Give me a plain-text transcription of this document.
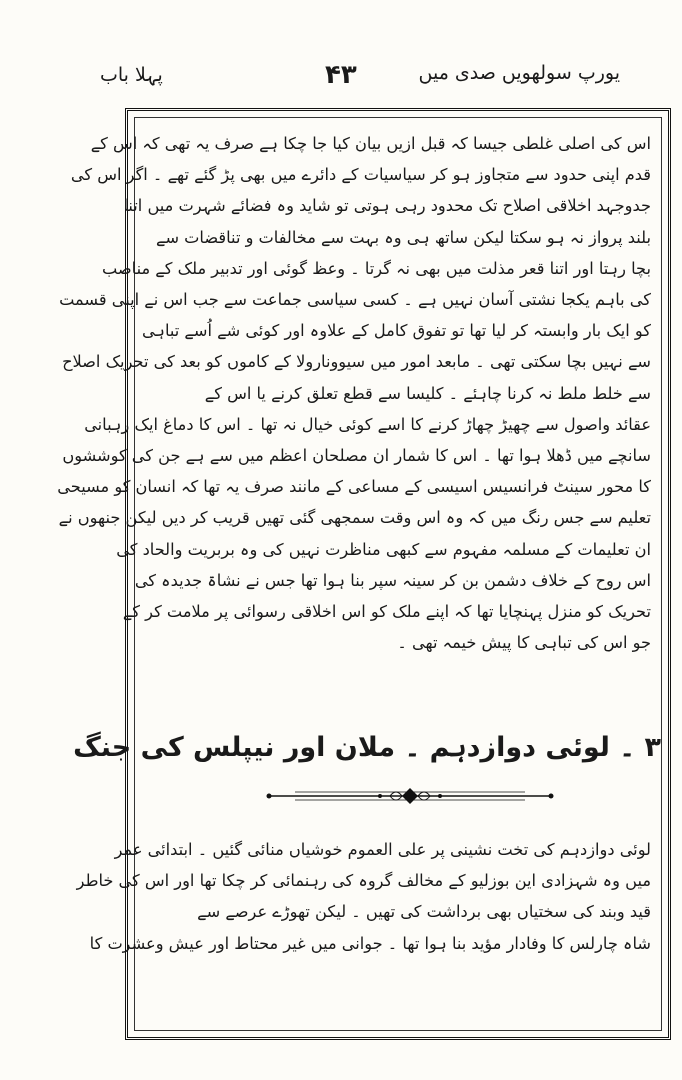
یورپ سولھویں صدی میں
۴۳
پہلا باب
اس کی اصلی غلطی جیسا کہ قبل ازیں بیان کیا جا چکا ہے صرف یہ تھی کہ اس کے
قدم اپنی حدود سے متجاوز ہو کر سیاسیات کے دائرے میں بھی پڑ گئے تھے ۔ اگر اس کی
جدوجہد اخلاقی اصلاح تک محدود رہی ہوتی تو شاید وہ فضائے شہرت میں اتنا
بلند پرواز نہ ہو سکتا لیکن ساتھ ہی وہ بہت سے مخالفات و تناقضات سے
بچا رہتا اور اتنا قعر مذلت میں بھی نہ گرتا ۔ وعظ گوئی اور تدبیر ملک کے مناصب
کی باہم یکجا نشتی آسان نہیں ہے ۔ کسی سیاسی جماعت سے جب اس نے اپنی قسمت
کو ایک بار وابستہ کر لیا تھا تو تفوق کامل کے علاوہ اور کوئی شے اُسے تباہی
سے نہیں بچا سکتی تھی ۔ مابعد امور میں سیوونارولا کے کاموں کو بعد کی تحریک اصلاح
سے خلط ملط نہ کرنا چاہئے ۔ کلیسا سے قطع تعلق کرنے یا اس کے
عقائد واصول سے چھیڑ چھاڑ کرنے کا اسے کوئی خیال نہ تھا ۔ اس کا دماغ ایک رہبانی
سانچے میں ڈھلا ہوا تھا ۔ اس کا شمار ان مصلحان اعظم میں سے ہے جن کی کوششوں
کا محور سینٹ فرانسیس اسیسی کے مساعی کے مانند صرف یہ تھا کہ انسان کو مسیحی
تعلیم سے جس رنگ میں کہ وہ اس وقت سمجھی گئی تھیں قریب کر دیں لیکن جنھوں نے
ان تعلیمات کے مسلمہ مفہوم سے کبھی مناظرت نہیں کی وہ بربریت والحاد کی
اس روح کے خلاف دشمن بن کر سینہ سپر بنا ہوا تھا جس نے نشاۃ جدیدہ کی
تحریک کو منزل پہنچایا تھا کہ اپنے ملک کو اس اخلاقی رسوائی پر ملامت کر کے
جو اس کی تباہی کا پیش خیمہ تھی ۔
۳ ۔ لوئی دوازدہم ۔ ملان اور نیپلس کی جنگ
لوئی دوازدہم کی تخت نشینی پر علی العموم خوشیاں منائی گئیں ۔ ابتدائی عمر
میں وہ شہزادی این بوزلیو کے مخالف گروہ کی رہنمائی کر چکا تھا اور اس کی خاطر
قید وبند کی سختیاں بھی برداشت کی تھیں ۔ لیکن تھوڑے عرصے سے
شاہ چارلس کا وفادار مؤید بنا ہوا تھا ۔ جوانی میں غیر محتاط اور عیش وعشرت کا
